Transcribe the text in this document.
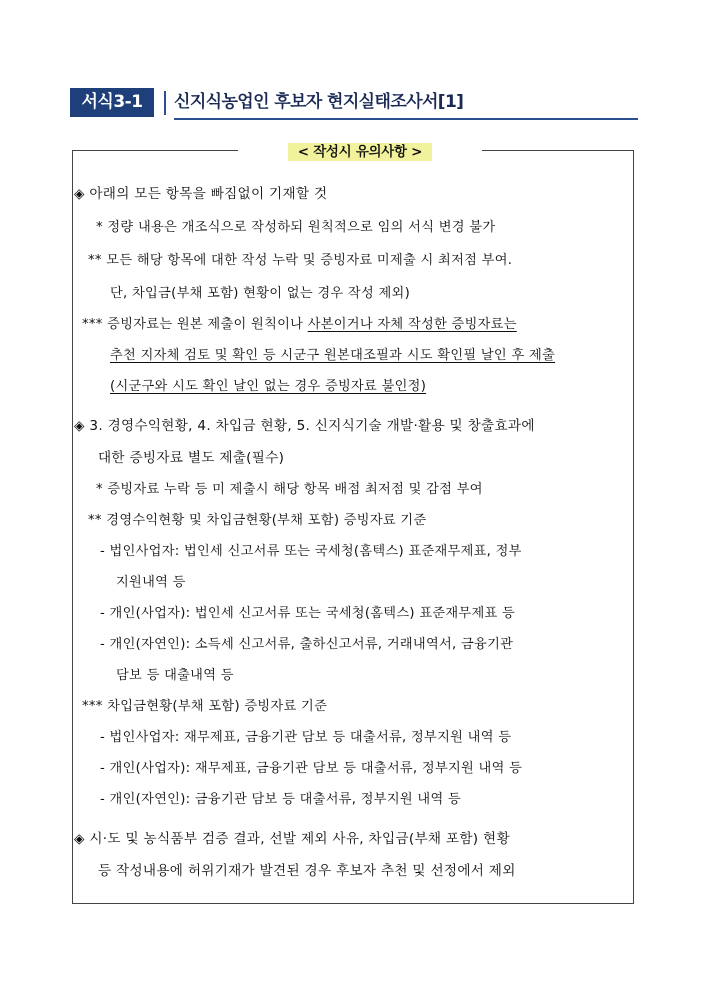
서식3-1	신지식농업인 후보자 현지실태조사서[1]
< 작성시 유의사항 >
◈ 아래의 모든 항목을 빠짐없이 기재할 것
* 정량 내용은 개조식으로 작성하되 원칙적으로 임의 서식 변경 불가
** 모든 해당 항목에 대한 작성 누락 및 증빙자료 미제출 시 최저점 부여.
단, 차입금(부채 포함) 현황이 없는 경우 작성 제외)
*** 증빙자료는 원본 제출이 원칙이나 사본이거나 자체 작성한 증빙자료는
추천 지자체 검토 및 확인 등 시군구 원본대조필과 시도 확인필 날인 후 제출
(시군구와 시도 확인 날인 없는 경우 증빙자료 불인정)
◈ 3. 경영수익현황, 4. 차입금 현황, 5. 신지식기술 개발·활용 및 창출효과에
대한 증빙자료 별도 제출(필수)
* 증빙자료 누락 등 미 제출시 해당 항목 배점 최저점 및 감점 부여
** 경영수익현황 및 차입금현황(부채 포함) 증빙자료 기준
- 법인사업자: 법인세 신고서류 또는 국세청(홈텍스) 표준재무제표, 정부
지원내역 등
- 개인(사업자): 법인세 신고서류 또는 국세청(홈텍스) 표준재무제표 등
- 개인(자연인): 소득세 신고서류, 출하신고서류, 거래내역서, 금융기관
담보 등 대출내역 등
*** 차입금현황(부채 포함) 증빙자료 기준
- 법인사업자: 재무제표, 금융기관 담보 등 대출서류, 정부지원 내역 등
- 개인(사업자): 재무제표, 금융기관 담보 등 대출서류, 정부지원 내역 등
- 개인(자연인): 금융기관 담보 등 대출서류, 정부지원 내역 등
◈ 시·도 및 농식품부 검증 결과, 선발 제외 사유, 차입금(부채 포함) 현황
등 작성내용에 허위기재가 발견된 경우 후보자 추천 및 선정에서 제외
